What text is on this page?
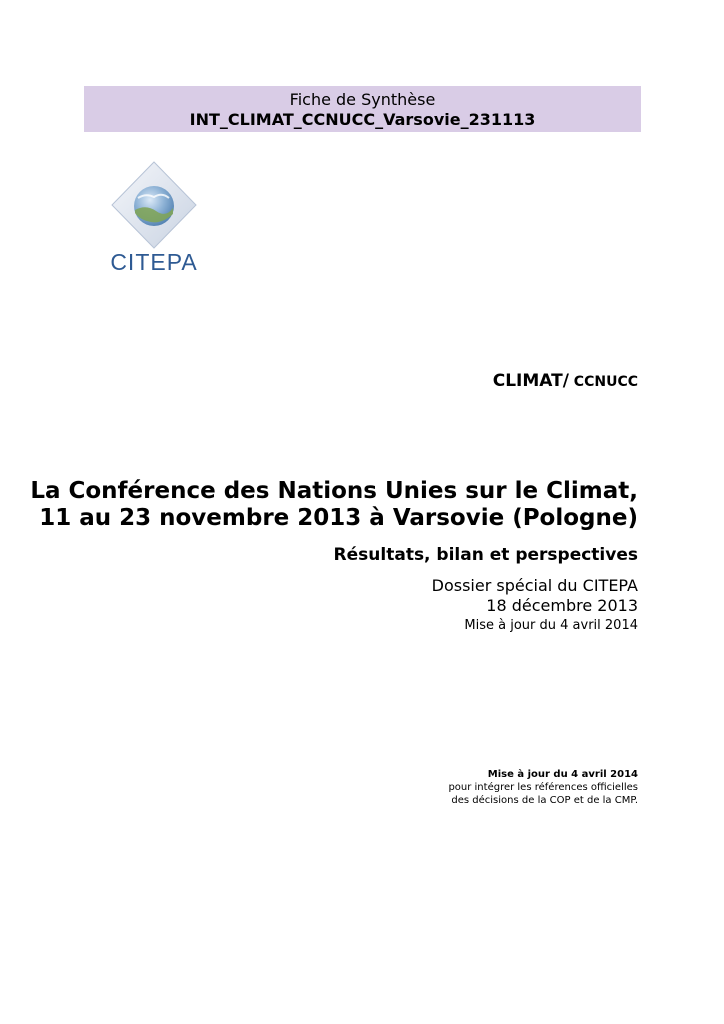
Fiche de Synthèse
INT_CLIMAT_CCNUCC_Varsovie_231113
CITEPA
CLIMAT/ CCNUCC
La Conférence des Nations Unies sur le Climat,
11 au 23 novembre 2013 à Varsovie (Pologne)
Résultats, bilan et perspectives
Dossier spécial du CITEPA
18 décembre 2013
Mise à jour du 4 avril 2014
Mise à jour du 4 avril 2014
pour intégrer les références officielles
des décisions de la COP et de la CMP.
